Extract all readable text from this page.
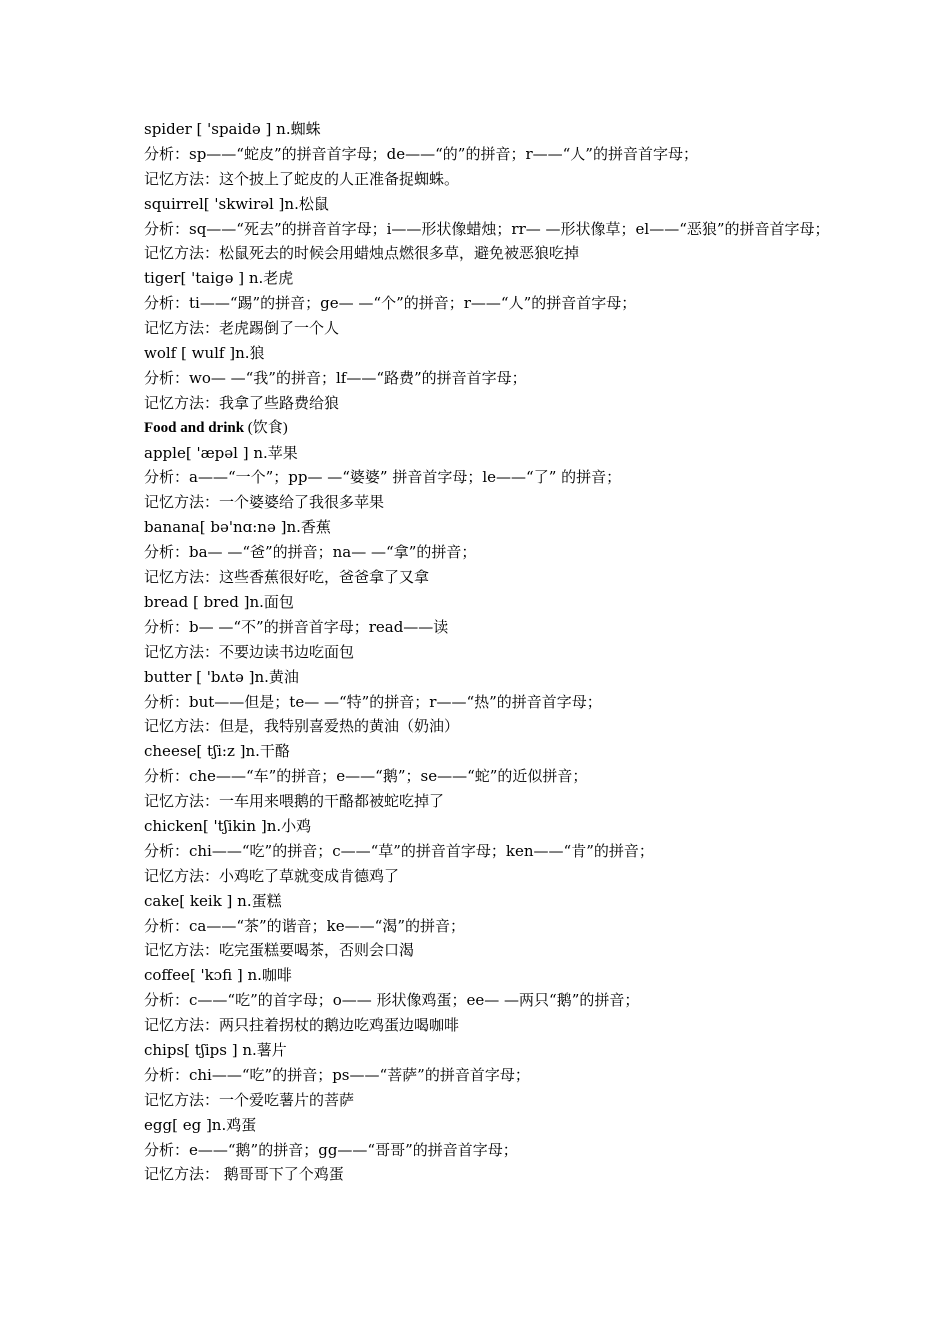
spider [ 'spaidə ] n.蜘蛛
分析：sp——“蛇皮”的拼音首字母；de——“的”的拼音；r——“人”的拼音首字母；
记忆方法：这个披上了蛇皮的人正准备捉蜘蛛。
squirrel[ 'skwirəl ]n.松鼠
分析：sq——“死去”的拼音首字母；i——形状像蜡烛；rr— —形状像草；el——“恶狼”的拼音首字母；
记忆方法：松鼠死去的时候会用蜡烛点燃很多草，避免被恶狼吃掉
tiger[ 'taigə ] n.老虎
分析：ti——“踢”的拼音；ge— —“个”的拼音；r——“人”的拼音首字母；
记忆方法：老虎踢倒了一个人
wolf [ wulf ]n.狼
分析：wo— —“我”的拼音；lf——“路费”的拼音首字母；
记忆方法：我拿了些路费给狼
Food and drink (饮食)
apple[ 'æpəl ] n.苹果
分析：a——“一个”；pp— —“婆婆” 拼音首字母；le——“了” 的拼音；
记忆方法：一个婆婆给了我很多苹果
banana[ bə'nɑ:nə ]n.香蕉
分析：ba— —“爸”的拼音；na— —“拿”的拼音；
记忆方法：这些香蕉很好吃，爸爸拿了又拿
bread [ bred ]n.面包
分析：b— —“不”的拼音首字母；read——读
记忆方法：不要边读书边吃面包
butter [ 'bʌtə ]n.黄油
分析：but——但是；te— —“特”的拼音；r——“热”的拼音首字母；
记忆方法：但是，我特别喜爱热的黄油（奶油）
cheese[ tʃi:z ]n.干酪
分析：che——“车”的拼音；e——“鹅”；se——“蛇”的近似拼音；
记忆方法：一车用来喂鹅的干酪都被蛇吃掉了
chicken[ 'tʃikin ]n.小鸡
分析：chi——“吃”的拼音；c——“草”的拼音首字母；ken——“肯”的拼音；
记忆方法：小鸡吃了草就变成肯德鸡了
cake[ keik ] n.蛋糕
分析：ca——“茶”的谐音；ke——“渴”的拼音；
记忆方法：吃完蛋糕要喝茶，否则会口渴
coffee[ 'kɔfi ] n.咖啡
分析：c——“吃”的首字母；o—— 形状像鸡蛋；ee— —两只“鹅”的拼音；
记忆方法：两只拄着拐杖的鹅边吃鸡蛋边喝咖啡
chips[ tʃips ] n.薯片
分析：chi——“吃”的拼音；ps——“菩萨”的拼音首字母；
记忆方法：一个爱吃薯片的菩萨
egg[ eg ]n.鸡蛋
分析：e——“鹅”的拼音；gg——“哥哥”的拼音首字母；
记忆方法： 鹅哥哥下了个鸡蛋
